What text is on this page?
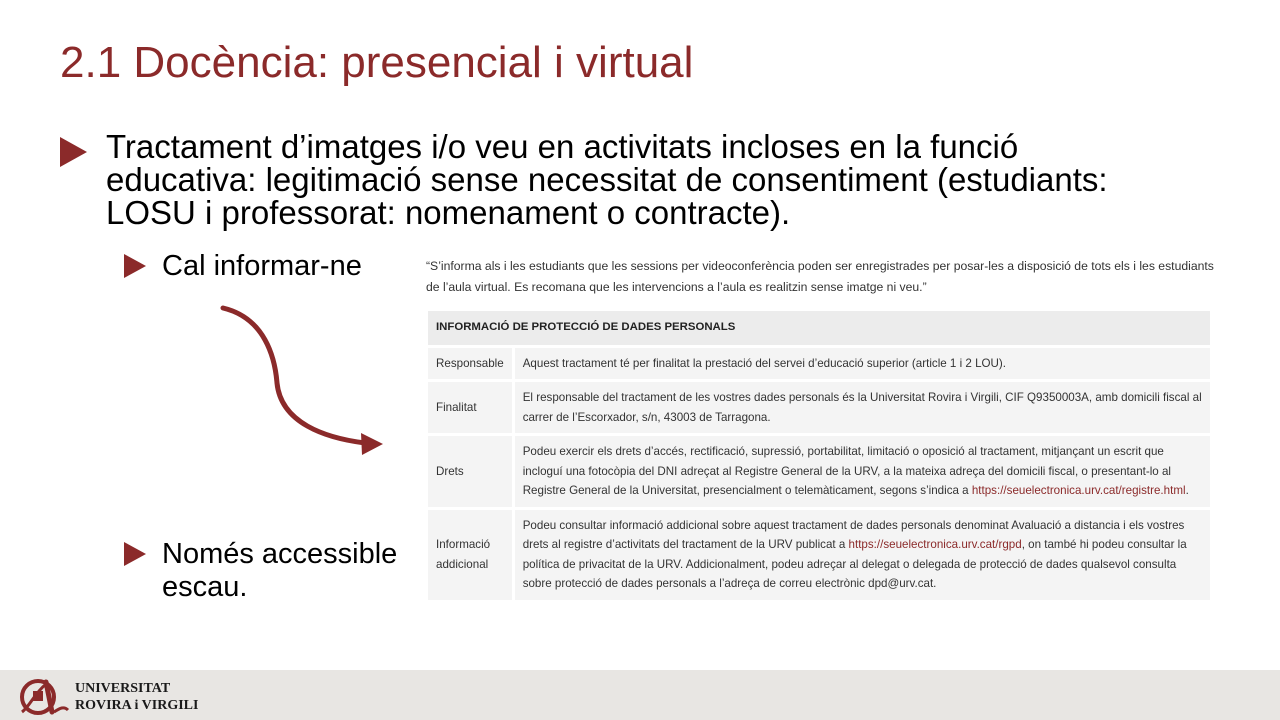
2.1 Docència: presencial i virtual
Tractament d’imatges i/o veu en activitats incloses en la funció
educativa: legitimació sense necessitat de consentiment (estudiants:
LOSU i professorat: nomenament o contracte).
Cal informar-ne
Només accessible
escau.
“S’informa als i les estudiants que les sessions per videoconferència poden ser enregistrades per posar-les a disposició de tots els i les estudiants de l’aula virtual. Es recomana que les intervencions a l’aula es realitzin sense imatge ni veu.”
INFORMACIÓ DE PROTECCIÓ DE DADES PERSONALS	
Responsable	Aquest tractament té per finalitat la prestació del servei d’educació superior (article 1 i 2 LOU).
Finalitat	El responsable del tractament de les vostres dades personals és la Universitat Rovira i Virgili, CIF Q9350003A, amb domicili fiscal al carrer de l’Escorxador, s/n, 43003 de Tarragona.
Drets	Podeu exercir els drets d’accés, rectificació, supressió, portabilitat, limitació o oposició al tractament, mitjançant un escrit que incloguí una fotocòpia del DNI adreçat al Registre General de la URV, a la mateixa adreça del domicili fiscal, o presentant-lo al Registre General de la Universitat, presencialment o telemàticament, segons s’indica a https://seuelectronica.urv.cat/registre.html.
Informació addicional	Podeu consultar informació addicional sobre aquest tractament de dades personals denominat Avaluació a distancia i els vostres drets al registre d’activitats del tractament de la URV publicat a https://seuelectronica.urv.cat/rgpd, on també hi podeu consultar la política de privacitat de la URV. Addicionalment, podeu adreçar al delegat o delegada de protecció de dades qualsevol consulta sobre protecció de dades personals a l’adreça de correu electrònic dpd@urv.cat.
UNIVERSITAT
ROVIRA i VIRGILI
